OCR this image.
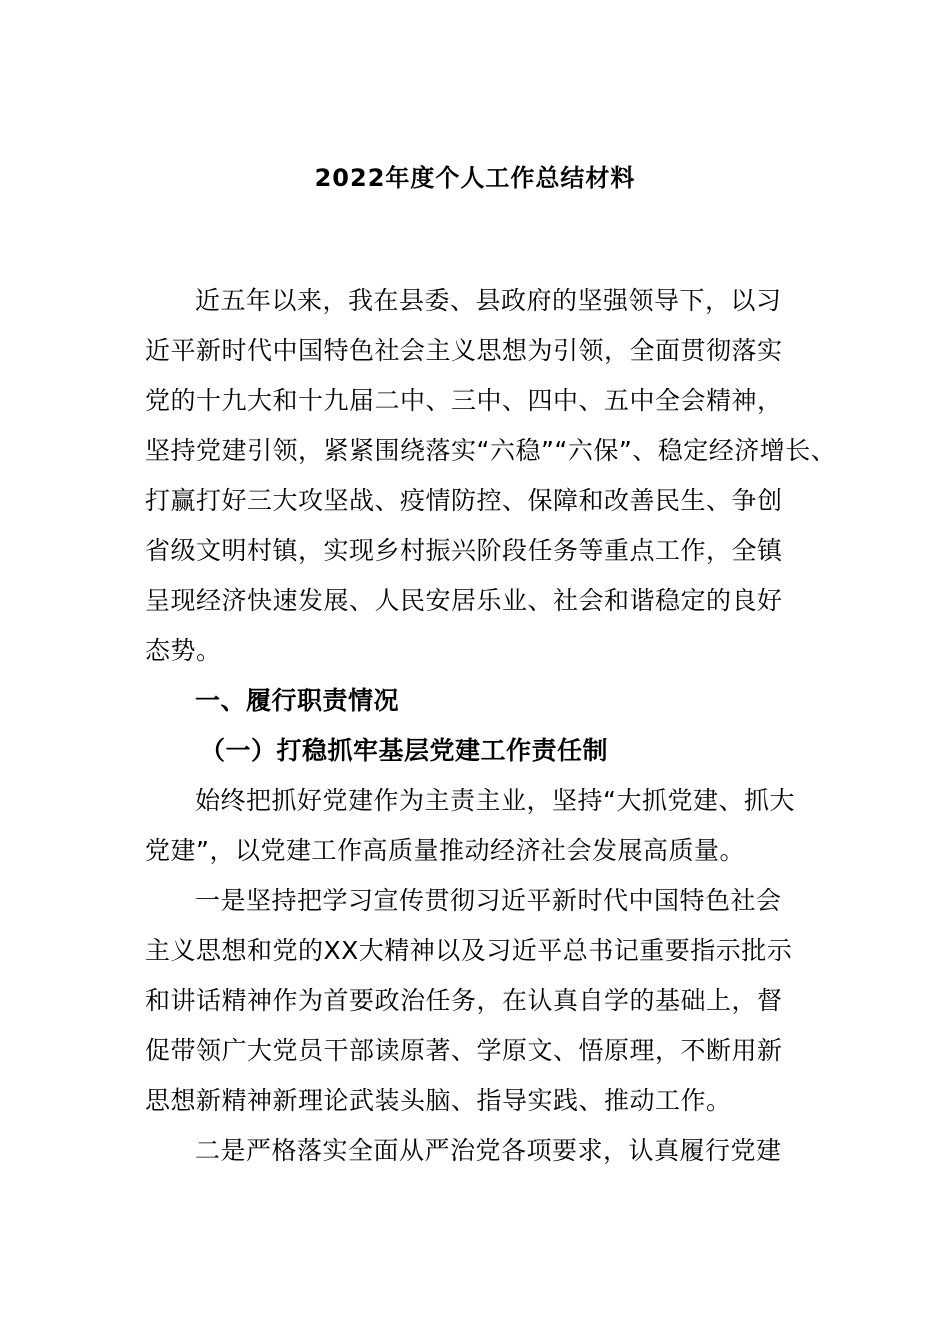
2022年度个人工作总结材料
近五年以来，我在县委、县政府的坚强领导下，以习
近平新时代中国特色社会主义思想为引领，全面贯彻落实
党的十九大和十九届二中、三中、四中、五中全会精神，
坚持党建引领，紧紧围绕落实“六稳”“六保”、稳定经济增长、
打赢打好三大攻坚战、疫情防控、保障和改善民生、争创
省级文明村镇，实现乡村振兴阶段任务等重点工作，全镇
呈现经济快速发展、人民安居乐业、社会和谐稳定的良好
态势。
一、履行职责情况
（一）打稳抓牢基层党建工作责任制
始终把抓好党建作为主责主业，坚持“大抓党建、抓大
党建”，以党建工作高质量推动经济社会发展高质量。
一是坚持把学习宣传贯彻习近平新时代中国特色社会
主义思想和党的XX大精神以及习近平总书记重要指示批示
和讲话精神作为首要政治任务，在认真自学的基础上，督
促带领广大党员干部读原著、学原文、悟原理，不断用新
思想新精神新理论武装头脑、指导实践、推动工作。
二是严格落实全面从严治党各项要求，认真履行党建
